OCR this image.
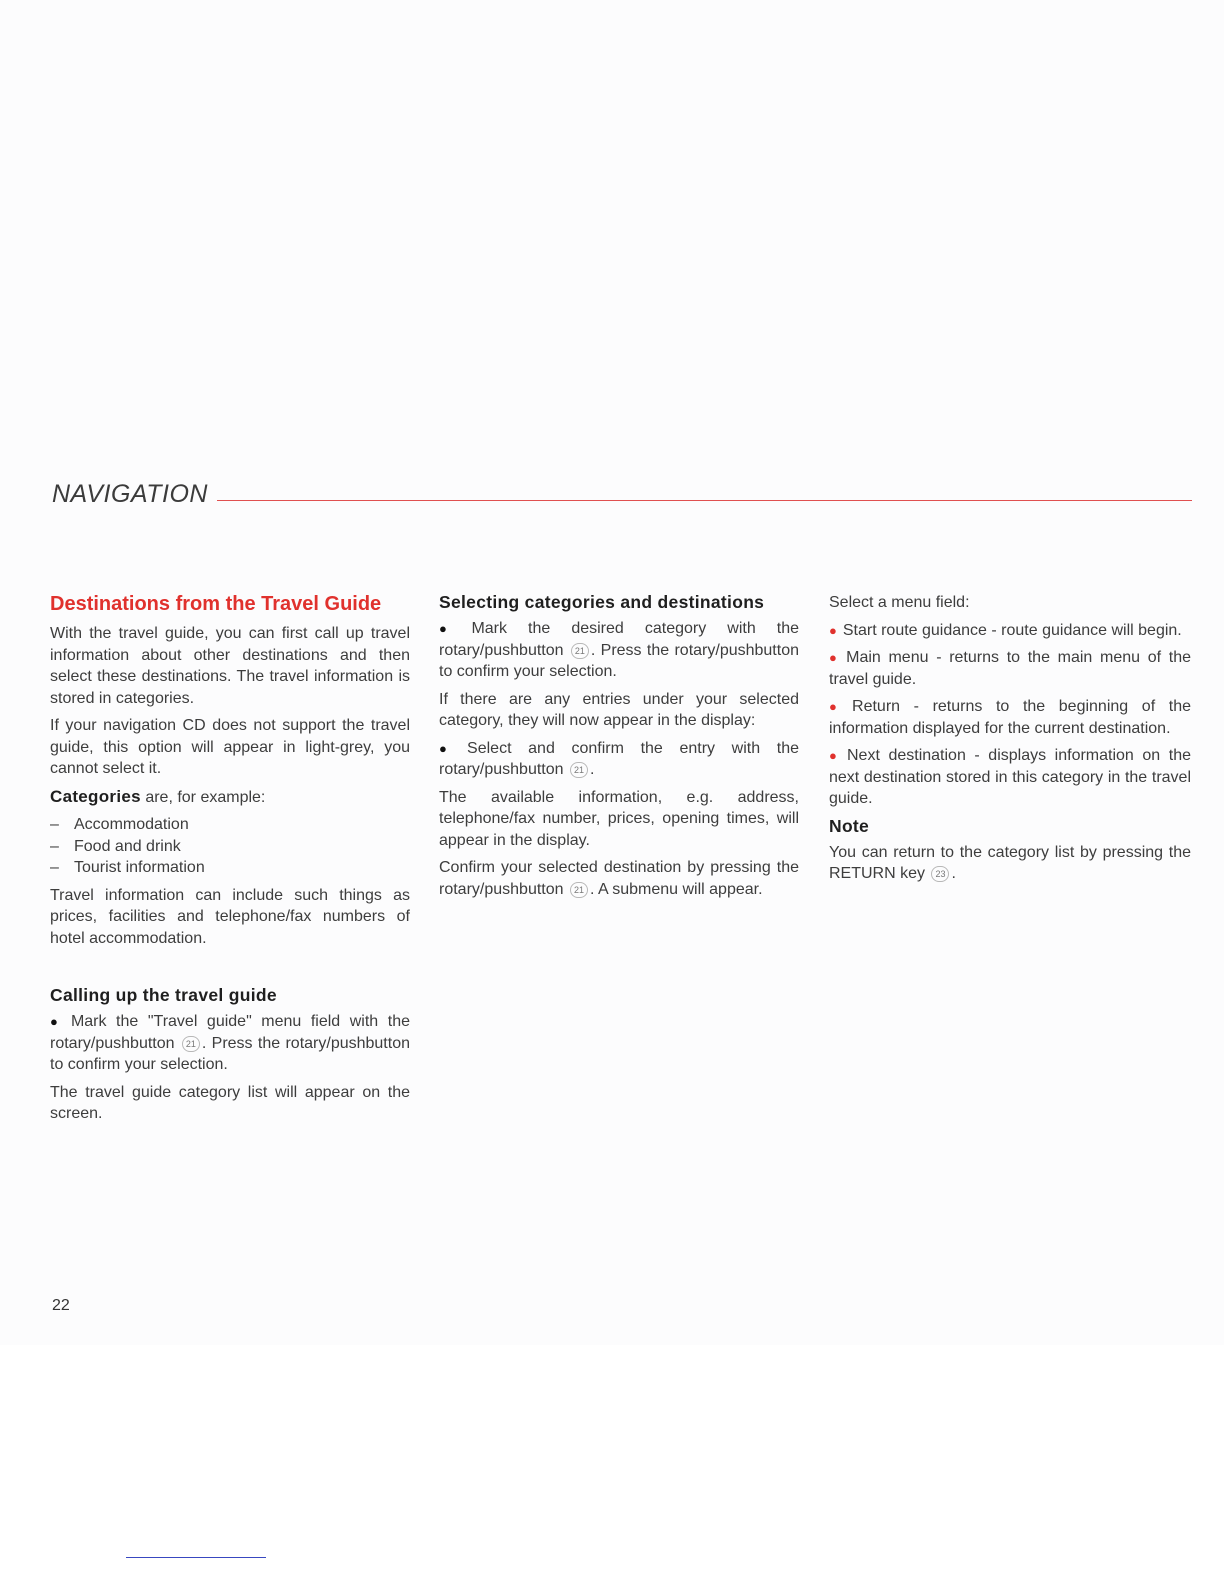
NAVIGATION
Destinations from the Travel Guide

With the travel guide, you can first call up travel information about other destinations and then select these destinations. The travel information is stored in categories.

If your navigation CD does not support the travel guide, this option will appear in light-grey, you cannot select it.

Categories are, for example:

– Accommodation
– Food and drink
– Tourist information

Travel information can include such things as prices, facilities and telephone/fax numbers of hotel accommodation.

Calling up the travel guide

● Mark the "Travel guide" menu field with the rotary/pushbutton 21 . Press the rotary/pushbutton to confirm your selection.

The travel guide category list will appear on the screen.

Selecting categories and destinations

● Mark the desired category with the rotary/pushbutton 21 . Press the rotary/pushbutton to confirm your selection.

If there are any entries under your selected category, they will now appear in the display:

● Select and confirm the entry with the rotary/pushbutton 21 .

The available information, e.g. address, telephone/fax number, prices, opening times, will appear in the display.

Confirm your selected destination by pressing the rotary/pushbutton 21 . A submenu will appear.

Select a menu field:

● Start route guidance - route guidance will begin.

● Main menu - returns to the main menu of the travel guide.

● Return - returns to the beginning of the information displayed for the current destination.

● Next destination - displays information on the next destination stored in this category in the travel guide.

Note

You can return to the category list by pressing the RETURN key 23 .

22
